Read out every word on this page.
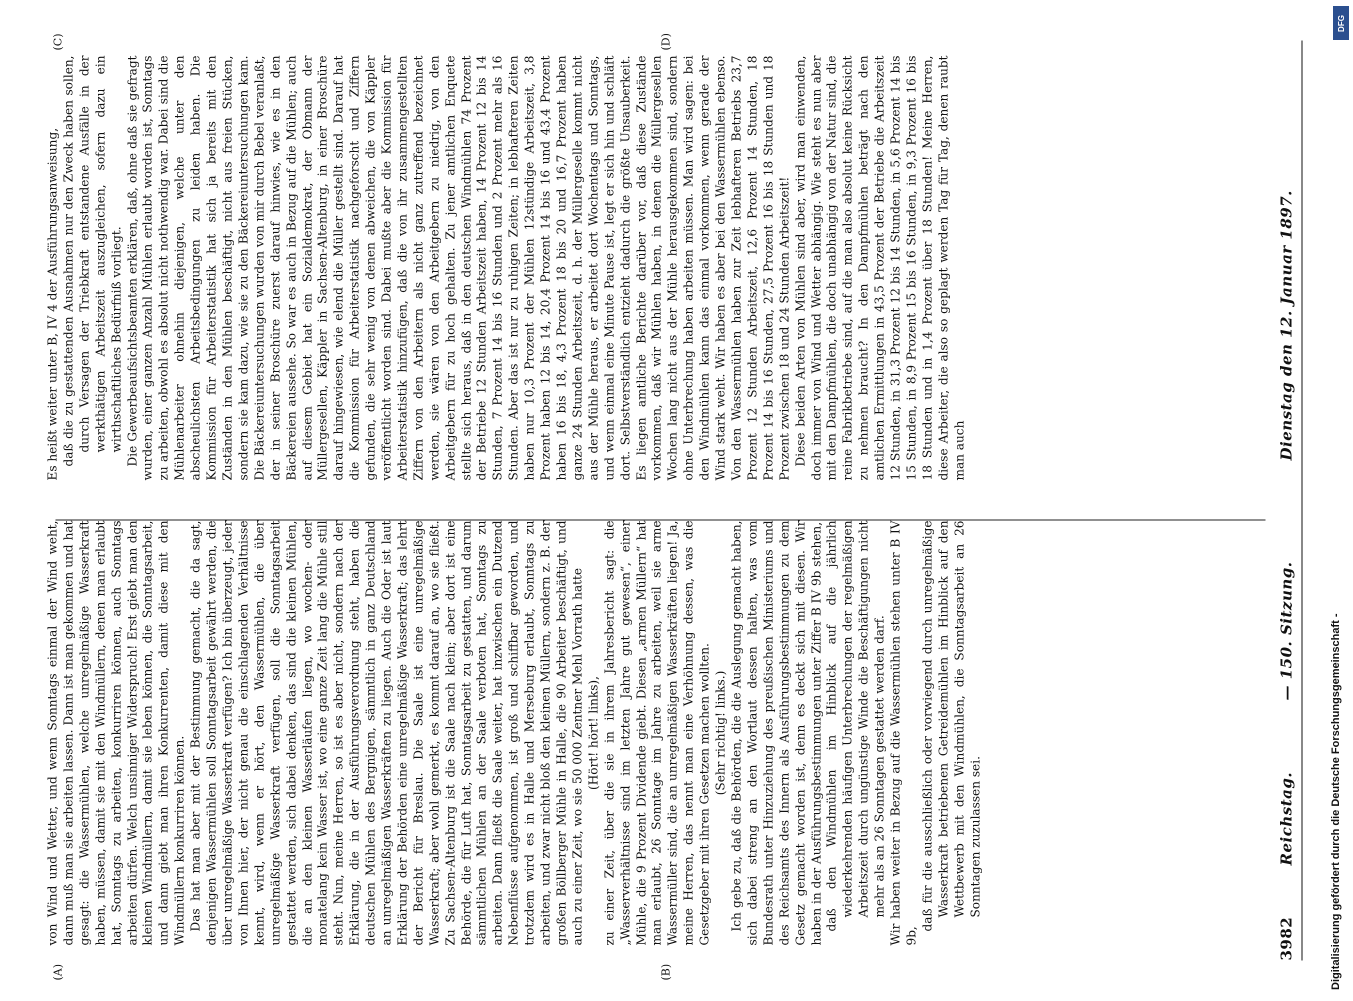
3982
Reichstag.
— 150. Sitzung.
Dienstag den 12. Januar 1897.
(A)	(B)
(C)	(D)

von Wind und Wetter, und wenn Sonntags einmal der Wind weht, dann muß man sie arbeiten lassen. Dann ist man gekommen und hat gesagt: die Wassermühlen, welche unregelmäßige Wasserkraft haben, müssen, damit sie mit den Windmüllern, denen man erlaubt hat, Sonntags zu arbeiten, konkurriren können, auch Sonntags arbeiten dürfen. Welch unsinniger Widerspruch! Erst giebt man den kleinen Windmüllern, damit sie leben können, die Sonntagsarbeit, und dann giebt man ihren Konkurrenten, damit diese mit den Windmüllern konkurriren können. Das hat man aber mit der Bestimmung gemacht, die da sagt, denjenigen Wassermühlen soll Sonntagsarbeit gewährt werden, die über unregelmäßige Wasserkraft verfügen? Ich bin überzeugt, jeder von Ihnen hier, der nicht genau die einschlagenden Verhältnisse kennt, wird, wenn er hört, den Wassermühlen, die über unregelmäßige Wasserkraft verfügen, soll die Sonntagsarbeit gestattet werden, sich dabei denken, das sind die kleinen Mühlen, die an den kleinen Wasserläufen liegen, wo wochen- oder monatelang kein Wasser ist, wo eine ganze Zeit lang die Mühle still steht. Nun, meine Herren, so ist es aber nicht, sondern nach der Erklärung, die in der Ausführungsverordnung steht, haben die deutschen Mühlen des Bergnigen, sämmtlich in ganz Deutschland an unregelmäßigen Wasserkräften zu liegen. Auch die Oder ist laut Erklärung der Behörden eine unregelmäßige Wasserkraft; das lehrt der Bericht für Breslau. Die Saale ist eine unregelmäßige Wasserkraft; aber wohl gemerkt, es kommt darauf an, wo sie fließt. Zu Sachsen-Altenburg ist die Saale nach klein; aber dort ist eine Behörde, die für Luft hat, Sonntagsarbeit zu gestatten, und darum sämmtlichen Mühlen an der Saale verboten hat, Sonntags zu arbeiten. Dann fließt die Saale weiter, hat inzwischen ein Dutzend Nebenflüsse aufgenommen, ist groß und schiffbar geworden, und trotzdem wird es in Halle und Merseburg erlaubt, Sonntags zu arbeiten, und zwar nicht bloß den kleinen Müllern, sondern z. B. der großen Böllberger Mühle in Halle, die 90 Arbeiter beschäftigt, und auch zu einer Zeit, wo sie 50 000 Zentner Mehl Vorrath hatte (Hört! hört! links), zu einer Zeit, über die sie in ihrem Jahresbericht sagt: die „Wasserverhältnisse sind im letzten Jahre gut gewesen“, einer Mühle, die 9 Prozent Dividende giebt. Diesen „armen Müllern“ hat man erlaubt, 26 Sonntage im Jahre zu arbeiten, weil sie arme Wassermüller sind, die an unregelmäßigen Wasserkräften liegen! Ja, meine Herren, das nennt man eine Verhöhnung dessen, was die Gesetzgeber mit ihren Gesetzen machen wollten. (Sehr richtig! links.) Ich gebe zu, daß die Behörden, die die Auslegung gemacht haben, sich dabei streng an den Wortlaut dessen halten, was vom Bundesrath unter Hinzuziehung des preußischen Ministeriums und des Reichsamts des Innern als Ausführungsbestimmungen zu dem Gesetz gemacht worden ist, denn es deckt sich mit diesen. Wir haben in der Ausführungsbestimmungen unter Ziffer B IV 9b stehen, daß den Windmühlen im Hinblick auf die jährlich wiederkehrenden häufigen Unterbrechungen der regelmäßigen Arbeitszeit durch ungünstige Winde die Beschäftigungen nicht mehr als an 26 Sonntagen gestattet werden darf. Wir haben weiter in Bezug auf die Wassermühlen stehen unter B IV 9b,

daß für die ausschließlich oder vorwiegend durch unregelmäßige Wasserkraft betriebenen Getreidemühlen im Hinblick auf den Wettbewerb mit den Windmühlen, die Sonntagsarbeit an 26 Sonntagen zuzulassen sei.

Es heißt weiter unter B, IV 4 der Ausführungsanweisung, daß die zu gestattenden Ausnahmen nur den Zweck haben sollen, durch Versagen der Triebkraft entstandene Ausfälle in der werkthätigen Arbeitszeit auszugleichen, sofern dazu ein wirthschaftliches Bedürfniß vorliegt. Die Gewerbeaufsichtsbeamten erklären, daß, ohne daß sie gefragt wurden, einer ganzen Anzahl Mühlen erlaubt worden ist, Sonntags zu arbeiten, obwohl es absolut nicht nothwendig war. Dabei sind die Mühlenarbeiter ohnehin diejenigen, welche unter den abscheulichsten Arbeitsbedingungen zu leiden haben. Die Kommission für Arbeiterstatistik hat sich ja bereits mit den Zuständen in den Mühlen beschäftigt, nicht aus freien Stücken, sondern sie kam dazu, wie sie zu den Bäckereiuntersuchungen kam. Die Bäckereiuntersuchungen wurden von mir durch Bebel veranlaßt, der in seiner Broschüre zuerst darauf hinwies, wie es in den Bäckereien aussehe. So war es auch in Bezug auf die Mühlen; auch auf diesem Gebiet hat ein Sozialdemokrat, der Obmann der Müllergesellen, Käppler in Sachsen-Altenburg, in einer Broschüre darauf hingewiesen, wie elend die Müller gestellt sind. Darauf hat die Kommission für Arbeiterstatistik nachgeforscht und Ziffern gefunden, die sehr wenig von denen abweichen, die von Käppler veröffentlicht worden sind. Dabei mußte aber die Kommission für Arbeiterstatistik hinzufügen, daß die von ihr zusammengestellten Ziffern von den Arbeitern als nicht ganz zutreffend bezeichnet werden, sie wären von den Arbeitgebern zu niedrig, von den Arbeitgebern für zu hoch gehalten. Zu jener amtlichen Enquete stellte sich heraus, daß in den deutschen Windmühlen 74 Prozent der Betriebe 12 Stunden Arbeitszeit haben, 14 Prozent 12 bis 14 Stunden, 7 Prozent 14 bis 16 Stunden und 2 Prozent mehr als 16 Stunden. Aber das ist nur zu ruhigen Zeiten; in lebhafteren Zeiten haben nur 10,3 Prozent der Mühlen 12stündige Arbeitszeit, 3,8 Prozent haben 12 bis 14, 20,4 Prozent 14 bis 16 und 43,4 Prozent haben 16 bis 18, 4,3 Prozent 18 bis 20 und 16,7 Prozent haben ganze 24 Stunden Arbeitszeit, d. h. der Müllergeselle kommt nicht aus der Mühle heraus, er arbeitet dort Wochentags und Sonntags, und wenn einmal eine Minute Pause ist, legt er sich hin und schläft dort. Selbstverständlich entzieht dadurch die größte Unsauberkeit. Es liegen amtliche Berichte darüber vor, daß diese Zustände vorkommen, daß wir Mühlen haben, in denen die Müllergesellen Wochen lang nicht aus der Mühle herausgekommen sind, sondern ohne Unterbrechung haben arbeiten müssen. Man wird sagen: bei den Windmühlen kann das einmal vorkommen, wenn gerade der Wind stark weht. Wir haben es aber bei den Wassermühlen ebenso. Von den Wassermühlen haben zur Zeit lebhafteren Betriebs 23,7 Prozent 12 Stunden Arbeitszeit, 12,6 Prozent 14 Stunden, 18 Prozent 14 bis 16 Stunden, 27,5 Prozent 16 bis 18 Stunden und 18 Prozent zwischen 18 und 24 Stunden Arbeitszeit! Diese beiden Arten von Mühlen sind aber, wird man einwenden, doch immer von Wind und Wetter abhängig. Wie steht es nun aber mit den Dampfmühlen, die doch unabhängig von der Natur sind, die reine Fabrikbetriebe sind, auf die man also absolut keine Rücksicht zu nehmen braucht? In den Dampfmühlen beträgt nach den amtlichen Ermittlungen in 43,5 Prozent der Betriebe die Arbeitszeit 12 Stunden, in 31,3 Prozent 12 bis 14 Stunden, in 5,6 Prozent 14 bis 15 Stunden, in 8,9 Prozent 15 bis 16 Stunden, in 9,3 Prozent 16 bis 18 Stunden und in 1,4 Prozent über 18 Stunden! Meine Herren, diese Arbeiter, die also so geplagt werden Tag für Tag, denen raubt man auch

DFG
Digitalisierung gefördert durch die Deutsche Forschungsgemeinschaft -
